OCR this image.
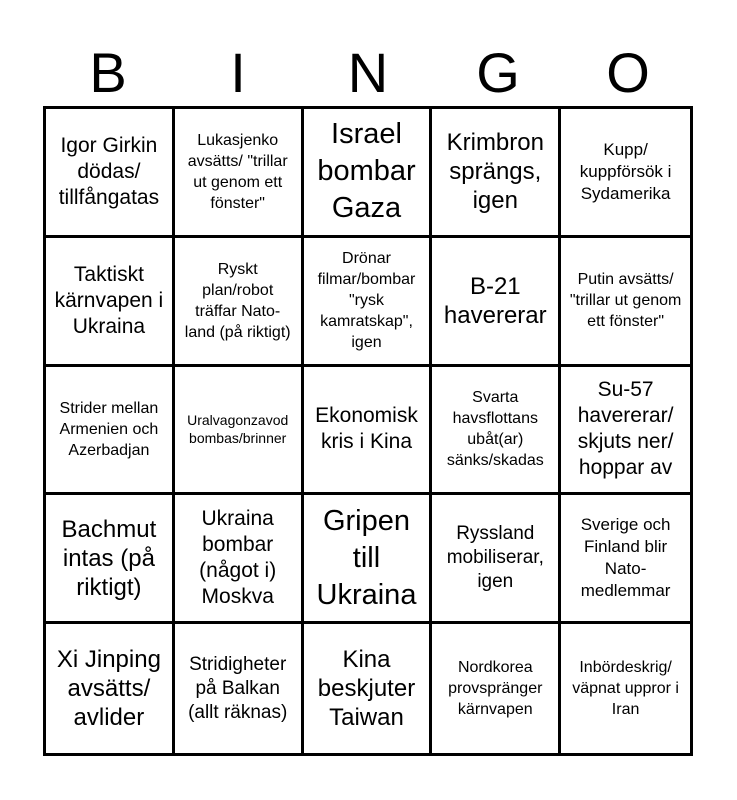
B	I	N	G	O
Igor Girkin dödas/ tillfångatas
Lukasjenko avsätts/ "trillar ut genom ett fönster"
Israel bombar Gaza
Krimbron sprängs, igen
Kupp/ kuppförsök i Sydamerika
Taktiskt kärnvapen i Ukraina
Ryskt plan/robot träffar Nato-land (på riktigt)
Drönar filmar/bombar "rysk kamratskap", igen
B-21 havererar
Putin avsätts/ "trillar ut genom ett fönster"
Strider mellan Armenien och Azerbadjan
Uralvagonzavod bombas/brinner
Ekonomisk kris i Kina
Svarta havsflottans ubåt(ar) sänks/skadas
Su-57 havererar/ skjuts ner/ hoppar av
Bachmut intas (på riktigt)
Ukraina bombar (något i) Moskva
Gripen till Ukraina
Ryssland mobiliserar, igen
Sverige och Finland blir Nato-medlemmar
Xi Jinping avsätts/ avlider
Stridigheter på Balkan (allt räknas)
Kina beskjuter Taiwan
Nordkorea provspränger kärnvapen
Inbördeskrig/ väpnat uppror i Iran
